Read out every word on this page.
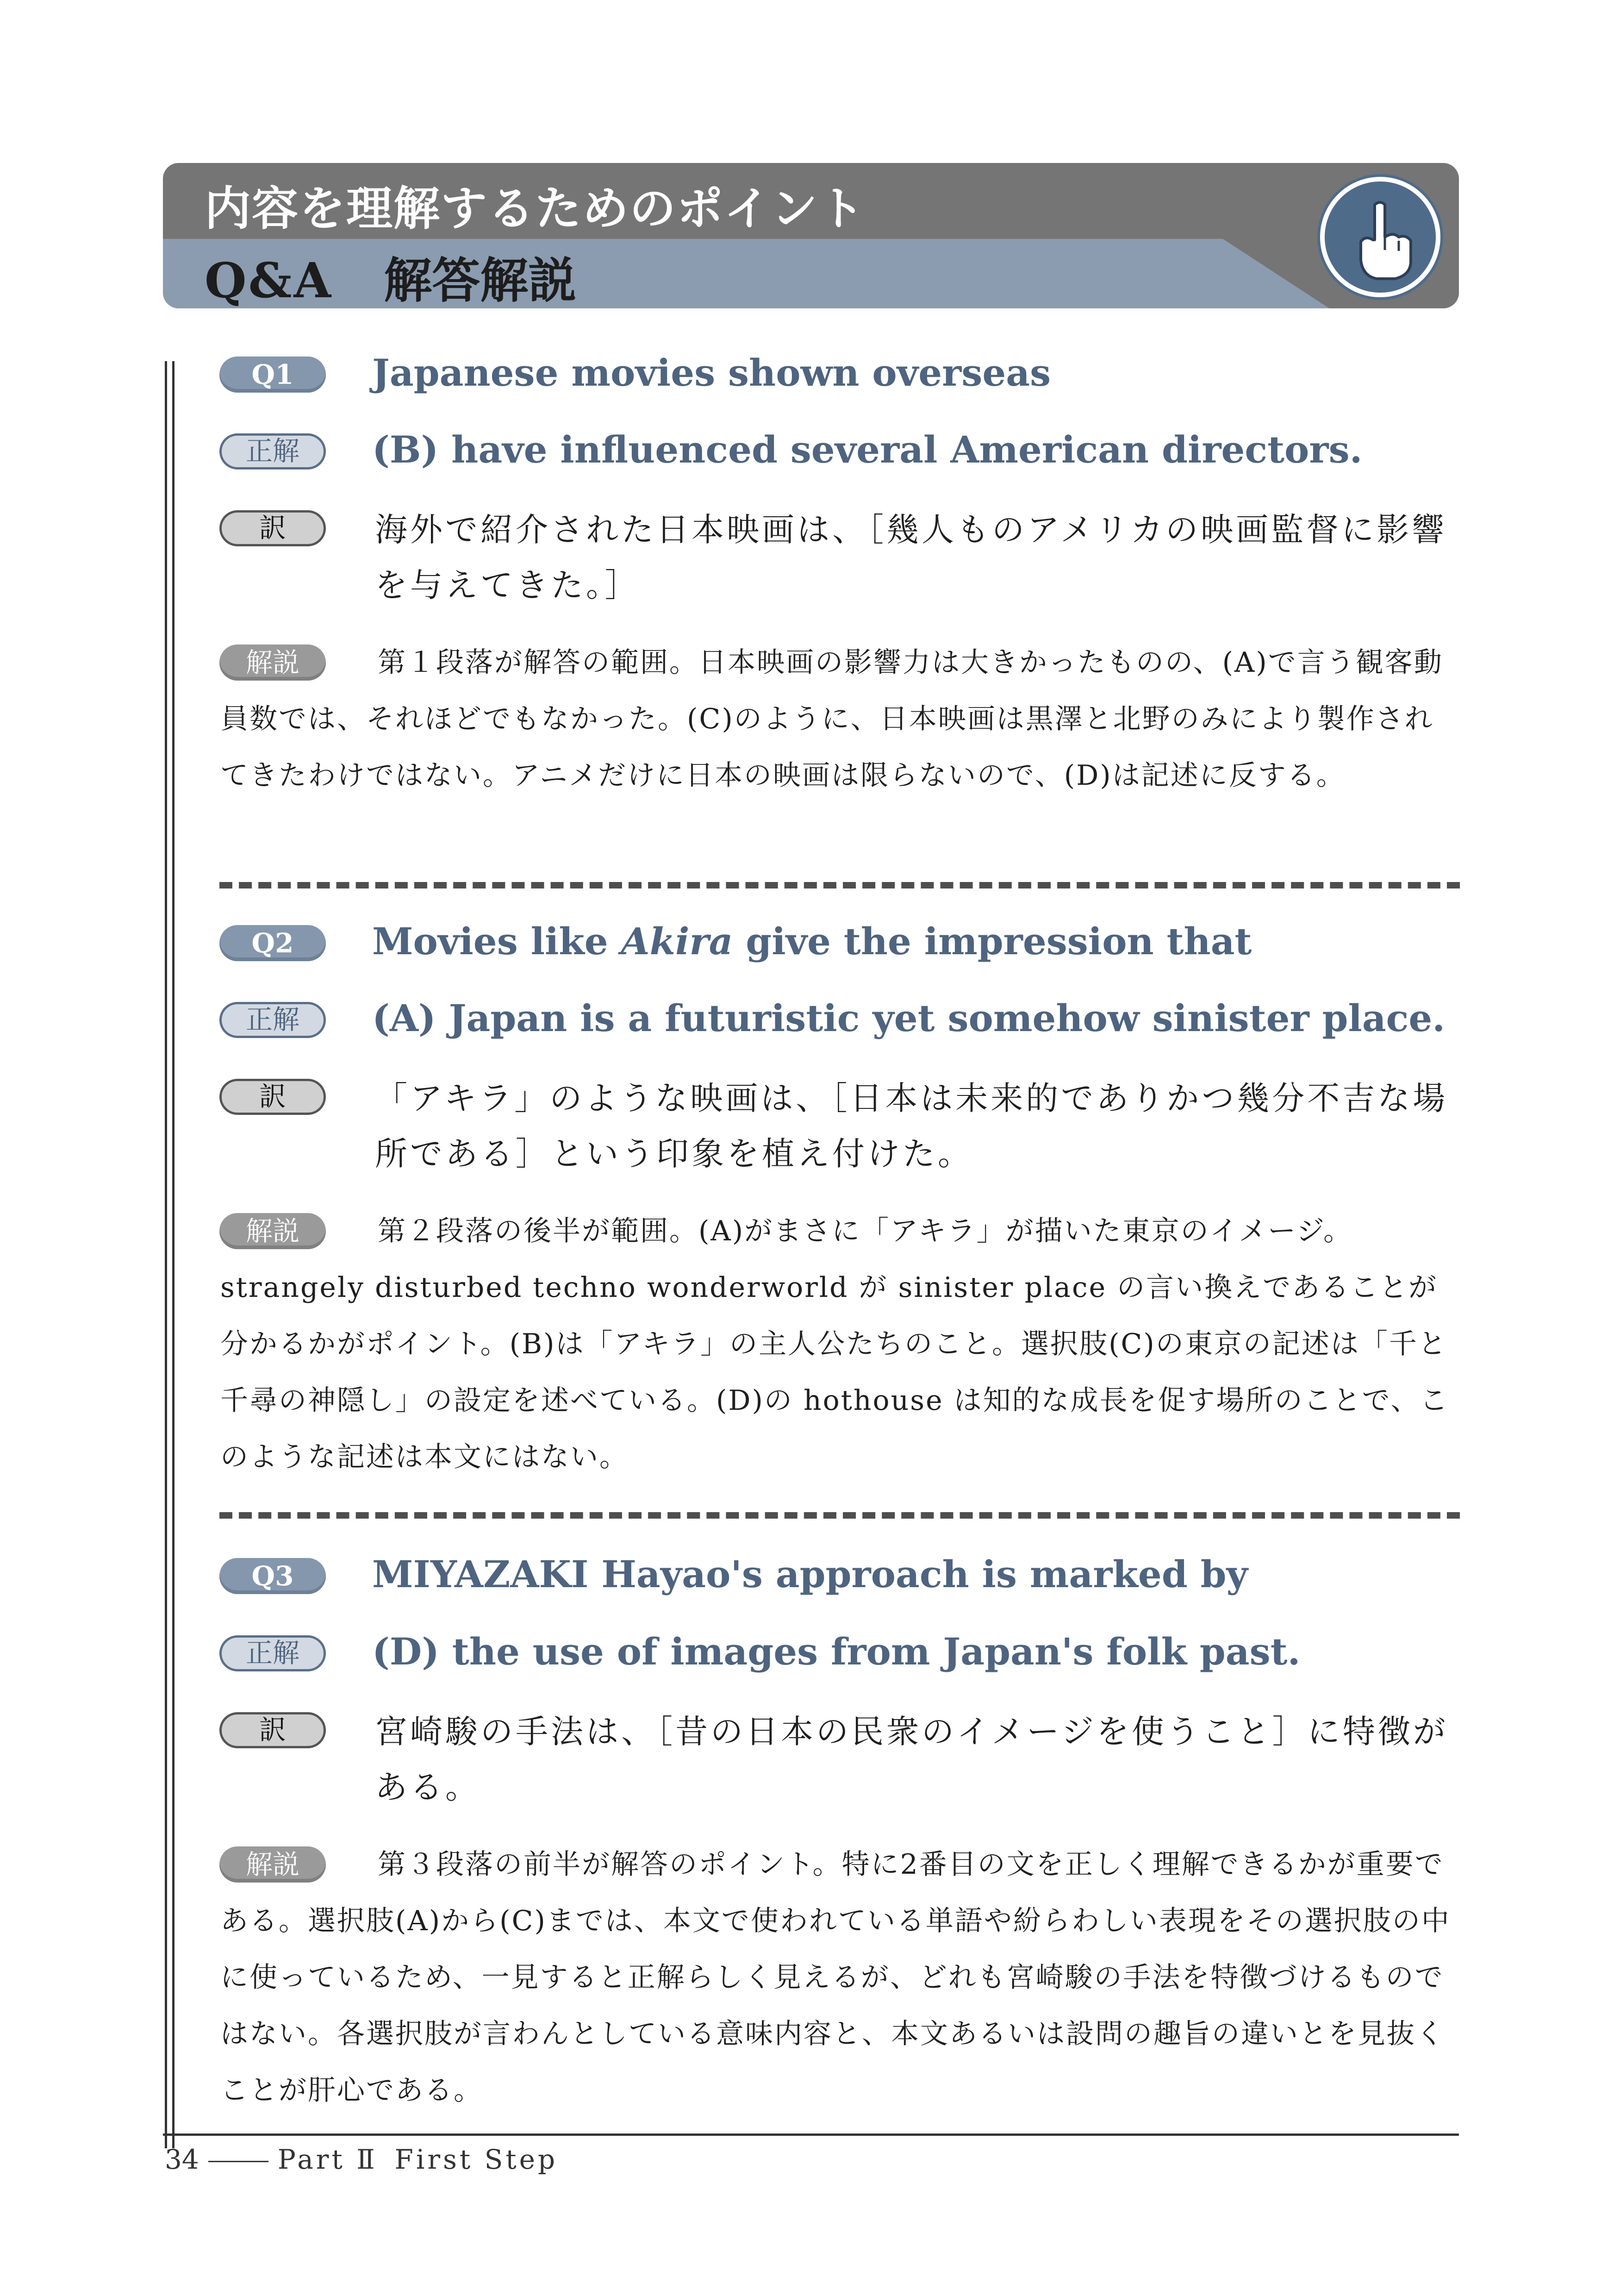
内容を理解するためのポイント
Q&A 解答解説
Q1	Japanese movies shown overseas
正解	(B) have influenced several American directors.
訳	海外で紹介された日本映画は、［幾人ものアメリカの映画監督に影響を与えてきた。］
解説	第１段落が解答の範囲。日本映画の影響力は大きかったものの、(A)で言う観客動員数では、それほどでもなかった。(C)のように、日本映画は黒澤と北野のみにより製作されてきたわけではない。アニメだけに日本の映画は限らないので、(D)は記述に反する。
Q2	Movies like Akira give the impression that
正解	(A) Japan is a futuristic yet somehow sinister place.
訳	「アキラ」のような映画は、［日本は未来的でありかつ幾分不吉な場所である］という印象を植え付けた。
解説	第２段落の後半が範囲。(A)がまさに「アキラ」が描いた東京のイメージ。strangely disturbed techno wonderworld が sinister place の言い換えであることが分かるかがポイント。(B)は「アキラ」の主人公たちのこと。選択肢(C)の東京の記述は「千と千尋の神隠し」の設定を述べている。(D)の hothouse は知的な成長を促す場所のことで、このような記述は本文にはない。
Q3	MIYAZAKI Hayao's approach is marked by
正解	(D) the use of images from Japan's folk past.
訳	宮崎駿の手法は、［昔の日本の民衆のイメージを使うこと］に特徴がある。
解説	第３段落の前半が解答のポイント。特に2番目の文を正しく理解できるかが重要である。選択肢(A)から(C)までは、本文で使われている単語や紛らわしい表現をその選択肢の中に使っているため、一見すると正解らしく見えるが、どれも宮崎駿の手法を特徴づけるものではない。各選択肢が言わんとしている意味内容と、本文あるいは設問の趣旨の違いとを見抜くことが肝心である。
34	Part Ⅱ First Step
